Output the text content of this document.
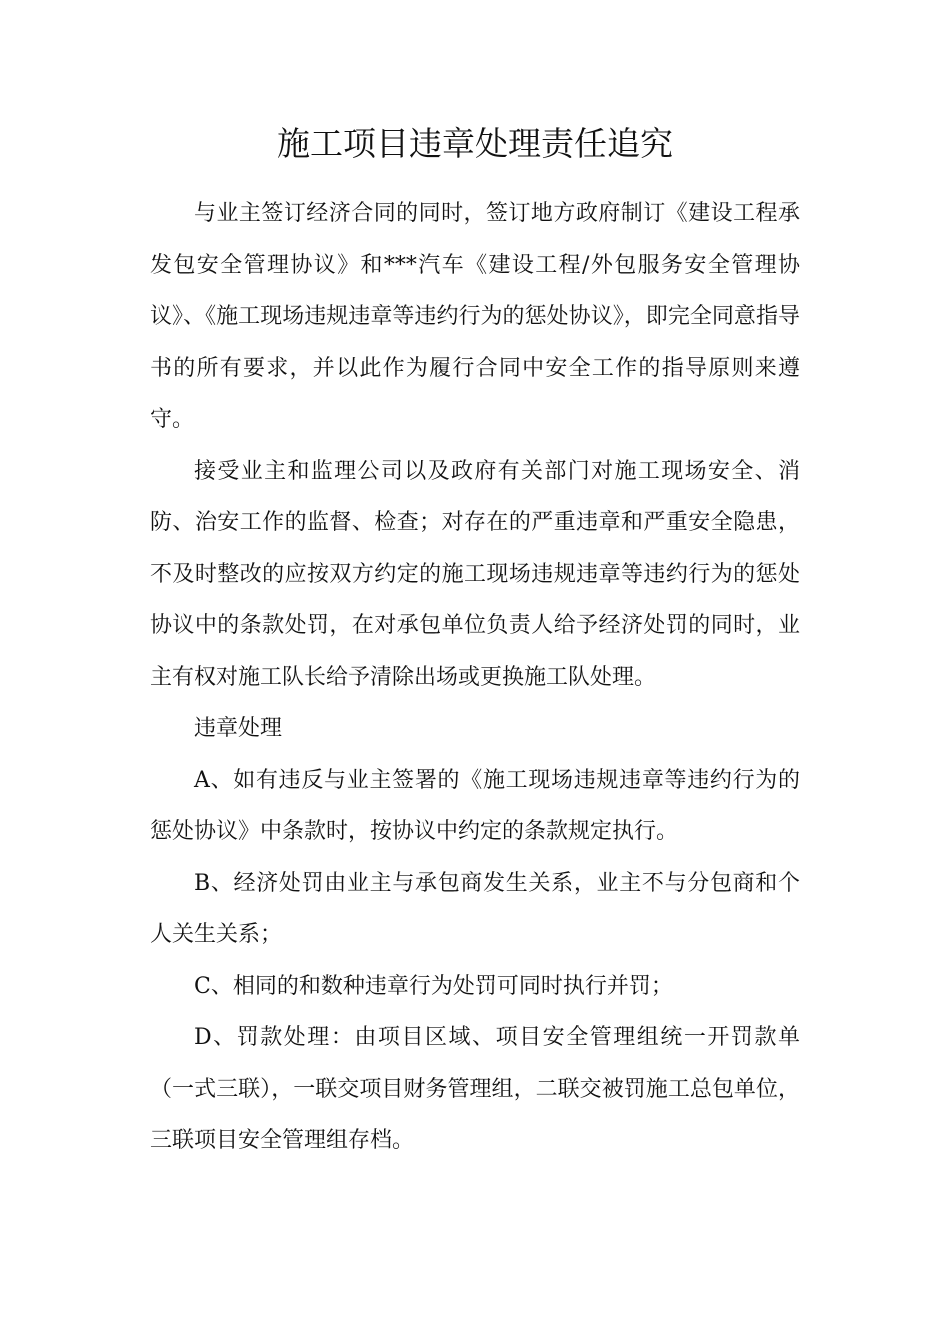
施工项目违章处理责任追究

与业主签订经济合同的同时，签订地方政府制订《建设工程承发包安全管理协议》和***汽车《建设工程/外包服务安全管理协议》、《施工现场违规违章等违约行为的惩处协议》，即完全同意指导书的所有要求，并以此作为履行合同中安全工作的指导原则来遵守。

接受业主和监理公司以及政府有关部门对施工现场安全、消防、治安工作的监督、检查；对存在的严重违章和严重安全隐患，不及时整改的应按双方约定的施工现场违规违章等违约行为的惩处协议中的条款处罚，在对承包单位负责人给予经济处罚的同时，业主有权对施工队长给予清除出场或更换施工队处理。

违章处理

A、如有违反与业主签署的《施工现场违规违章等违约行为的惩处协议》中条款时，按协议中约定的条款规定执行。

B、经济处罚由业主与承包商发生关系，业主不与分包商和个人关生关系；

C、相同的和数种违章行为处罚可同时执行并罚；

D、罚款处理：由项目区域、项目安全管理组统一开罚款单（一式三联），一联交项目财务管理组，二联交被罚施工总包单位，三联项目安全管理组存档。
